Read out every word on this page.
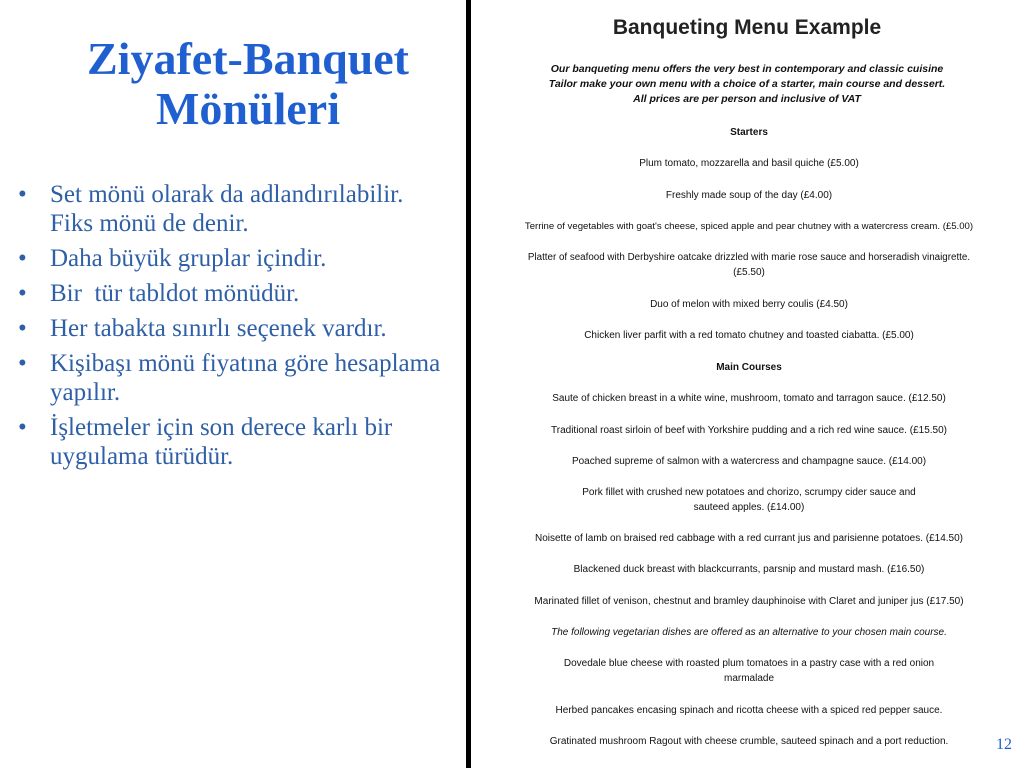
Ziyafet-Banquet
Mönüleri
• Set mönü olarak da adlandırılabilir. Fiks mönü de denir.
• Daha büyük gruplar içindir.
• Bir  tür tabldot mönüdür.
• Her tabakta sınırlı seçenek vardır.
• Kişibaşı mönü fiyatına göre hesaplama yapılır.
• İşletmeler için son derece karlı bir uygulama türüdür.
Banqueting Menu Example
Our banqueting menu offers the very best in contemporary and classic cuisine
Tailor make your own menu with a choice of a starter, main course and dessert.
All prices are per person and inclusive of VAT
Starters
Plum tomato, mozzarella and basil quiche (£5.00)
Freshly made soup of the day (£4.00)
Terrine of vegetables with goat's cheese, spiced apple and pear chutney with a watercress cream. (£5.00)
Platter of seafood with Derbyshire oatcake drizzled with marie rose sauce and horseradish vinaigrette.
(£5.50)
Duo of melon with mixed berry coulis (£4.50)
Chicken liver parfit with a red tomato chutney and toasted ciabatta. (£5.00)
Main Courses
Saute of chicken breast in a white wine, mushroom, tomato and tarragon sauce. (£12.50)
Traditional roast sirloin of beef with Yorkshire pudding and a rich red wine sauce. (£15.50)
Poached supreme of salmon with a watercress and champagne sauce. (£14.00)
Pork fillet with crushed new potatoes and chorizo, scrumpy cider sauce and
sauteed apples. (£14.00)
Noisette of lamb on braised red cabbage with a red currant jus and parisienne potatoes. (£14.50)
Blackened duck breast with blackcurrants, parsnip and mustard mash. (£16.50)
Marinated fillet of venison, chestnut and bramley dauphinoise with Claret and juniper jus (£17.50)
The following vegetarian dishes are offered as an alternative to your chosen main course.
Dovedale blue cheese with roasted plum tomatoes in a pastry case with a red onion
marmalade
Herbed pancakes encasing spinach and ricotta cheese with a spiced red pepper sauce.
Gratinated mushroom Ragout with cheese crumble, sauteed spinach and a port reduction.	12
